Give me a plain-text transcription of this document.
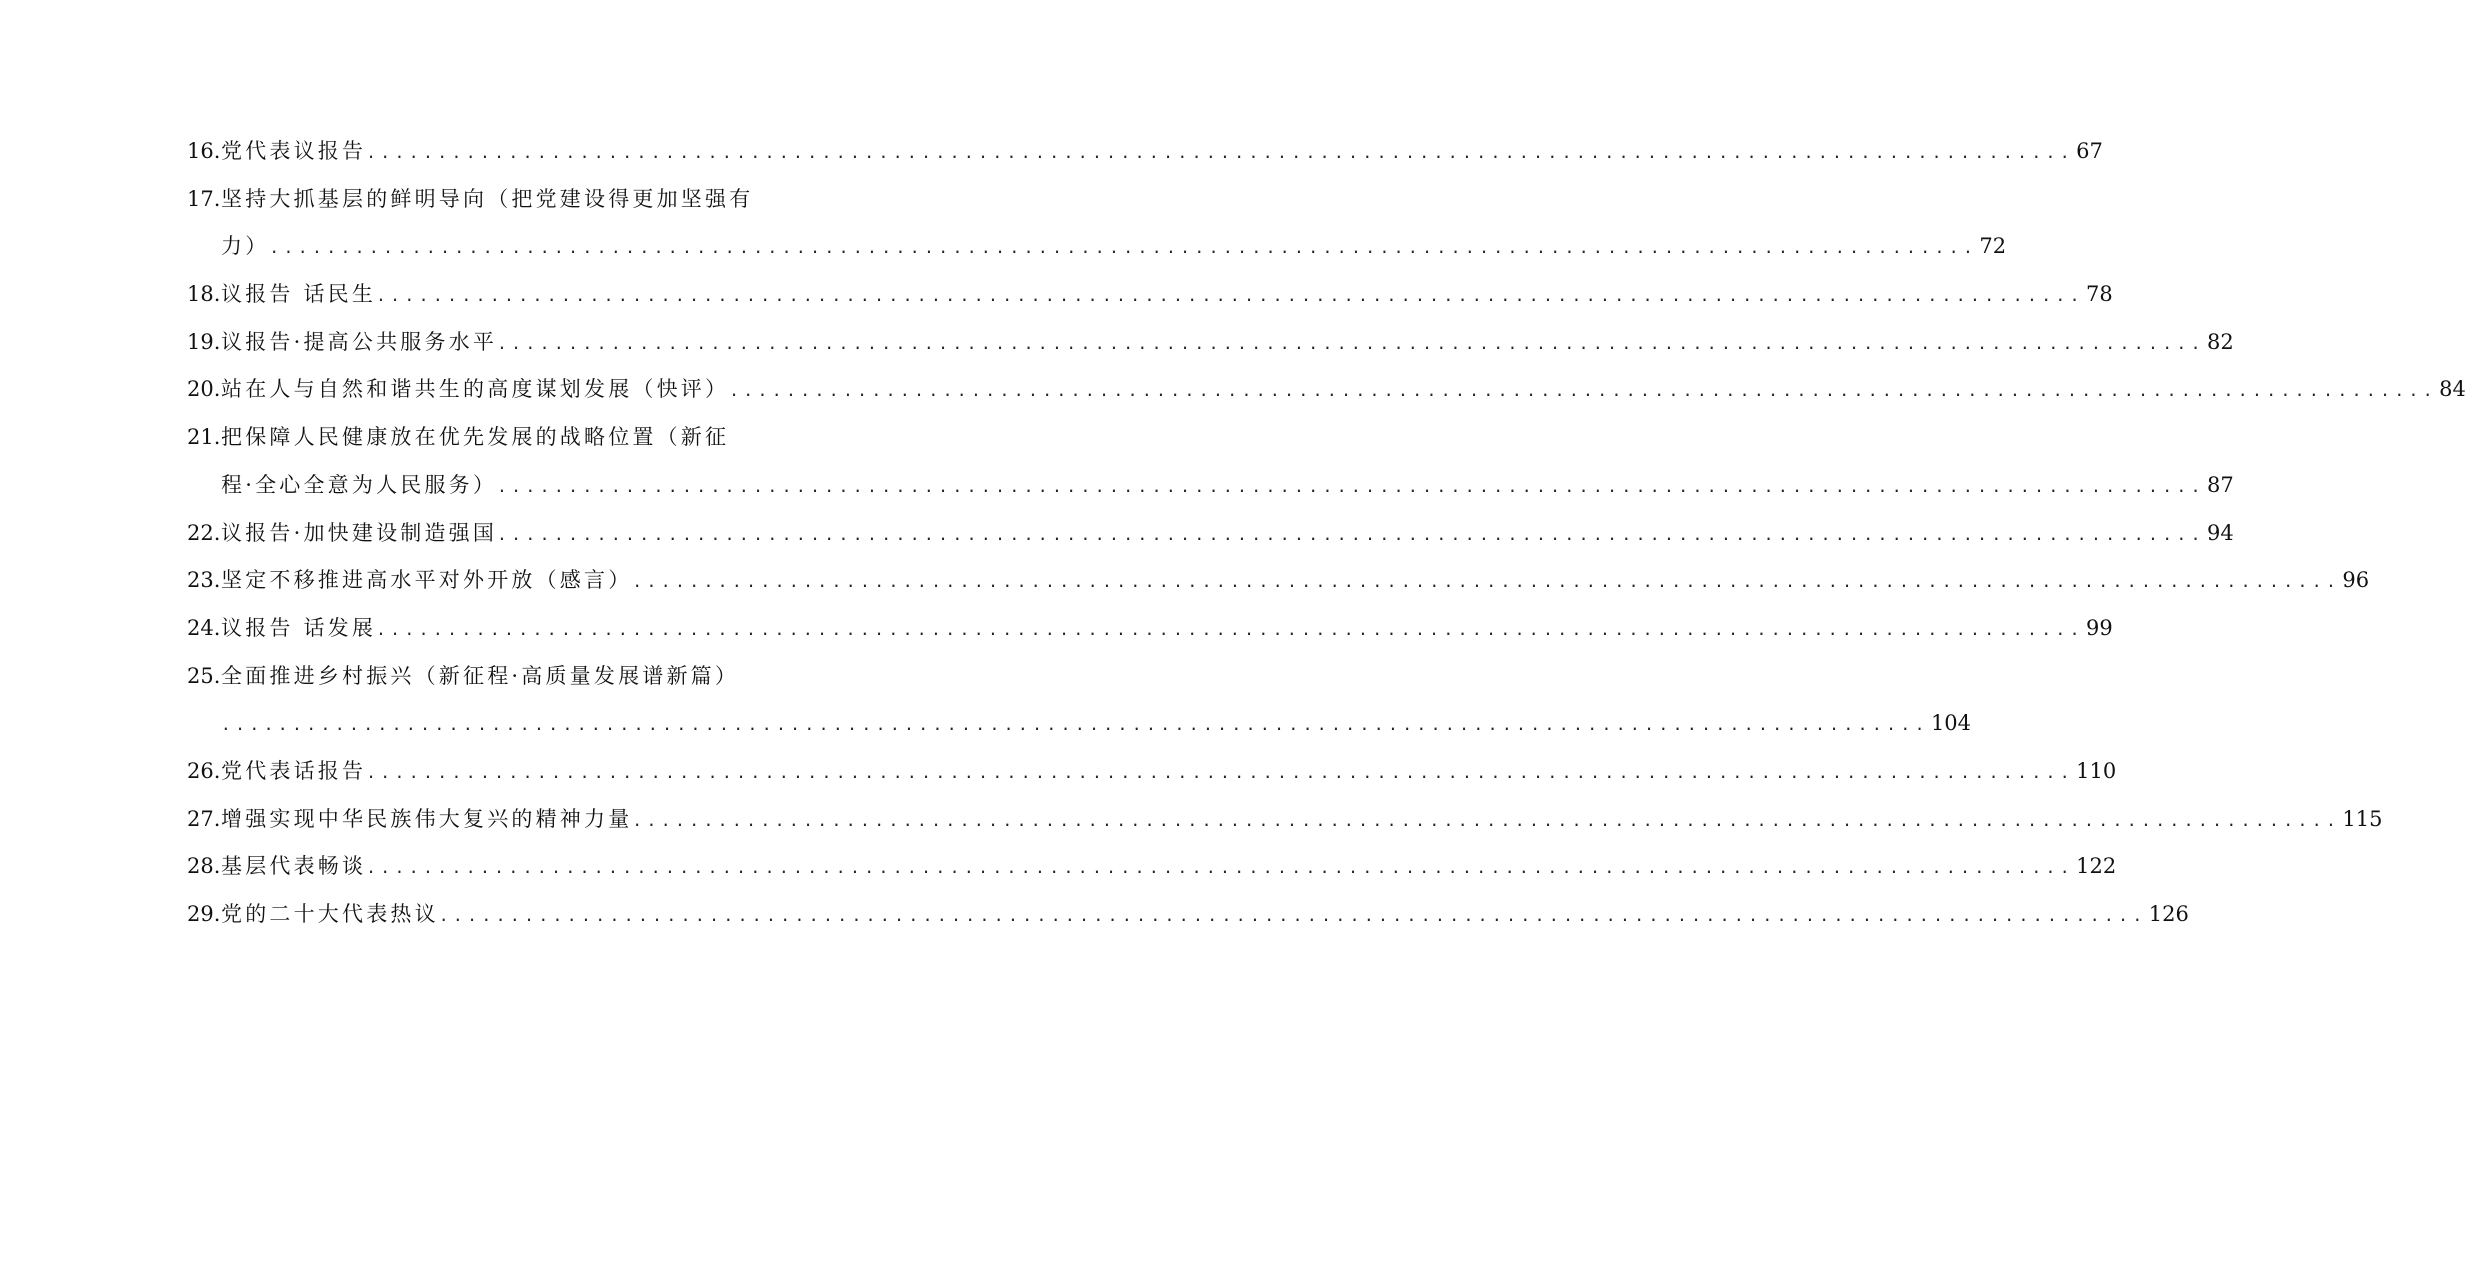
16. 党代表议报告 ........................................................................................................................ 67
17. 坚持大抓基层的鲜明导向（把党建设得更加坚强有
力） ........................................................................................................................ 72
18. 议报告 话民生 ........................................................................................................................ 78
19. 议报告·提高公共服务水平 ........................................................................................................................ 82
20. 站在人与自然和谐共生的高度谋划发展（快评） ........................................................................................................................ 84
21. 把保障人民健康放在优先发展的战略位置（新征
程·全心全意为人民服务） ........................................................................................................................ 87
22. 议报告·加快建设制造强国 ........................................................................................................................ 94
23. 坚定不移推进高水平对外开放（感言） ........................................................................................................................ 96
24. 议报告 话发展 ........................................................................................................................ 99
25. 全面推进乡村振兴（新征程·高质量发展谱新篇）
........................................................................................................................ 104
26. 党代表话报告 ........................................................................................................................ 110
27. 增强实现中华民族伟大复兴的精神力量 ........................................................................................................................ 115
28. 基层代表畅谈 ........................................................................................................................ 122
29. 党的二十大代表热议 ........................................................................................................................ 126
